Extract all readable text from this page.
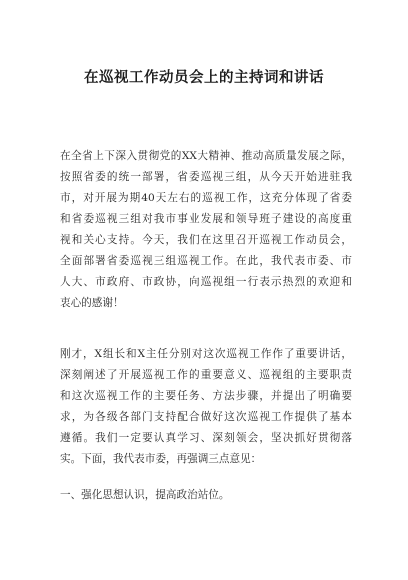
在巡视工作动员会上的主持词和讲话
在全省上下深入贯彻党的XX大精神、推动高质量发展之际，
按照省委的统一部署，省委巡视三组，从今天开始进驻我
市，对开展为期40天左右的巡视工作，这充分体现了省委
和省委巡视三组对我市事业发展和领导班子建设的高度重
视和关心支持。今天，我们在这里召开巡视工作动员会，
全面部署省委巡视三组巡视工作。在此，我代表市委、市
人大、市政府、市政协，向巡视组一行表示热烈的欢迎和
衷心的感谢！
刚才，X组长和X主任分别对这次巡视工作作了重要讲话，
深刻阐述了开展巡视工作的重要意义、巡视组的主要职责
和这次巡视工作的主要任务、方法步骤，并提出了明确要
求，为各级各部门支持配合做好这次巡视工作提供了基本
遵循。我们一定要认真学习、深刻领会，坚决抓好贯彻落
实。下面，我代表市委，再强调三点意见：
一、强化思想认识，提高政治站位。
